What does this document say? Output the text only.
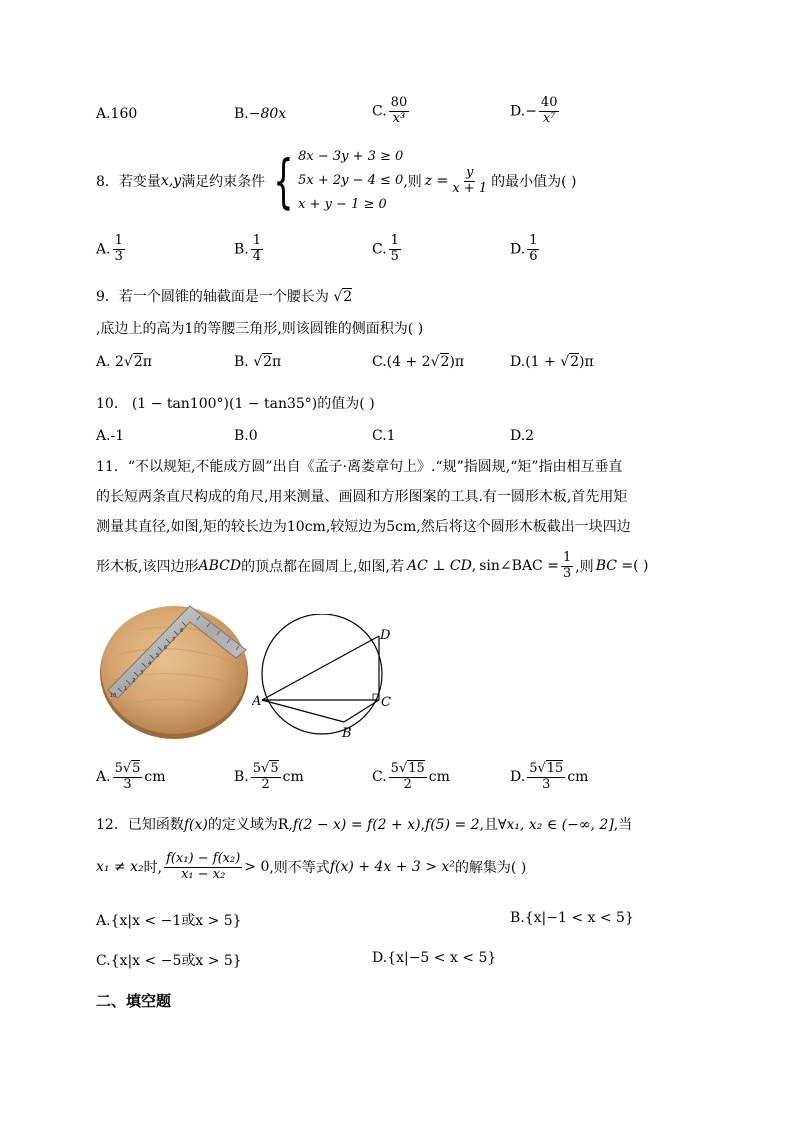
A.160	B.−80x	C. $\frac{80}{\text{x³}}$	$D.- \frac{40}{\text{x⁷}}$
8．若变量 x,y 满足约束条件 { 8x − 3y + 3 ≥ 0
5x + 2y − 4 ≤ 0
x + y − 1 ≥ 0
,则 $z = \frac{y}{x + 1}$ 的最小值为( )
A. $\frac{1}{3}$	B. $\frac{1}{4}$	C. $\frac{1}{5}$	D. $\frac{1}{6}$
9．若一个圆锥的轴截面是一个腰长为 √2
,底边上的高为1的等腰三角形,则该圆锥的侧面积为( )
A. 2√2π	B. √2π	C.(4 + 2√2)π	D.(1 + √2)π
10． (1 − tan100°)(1 − tan35°)的值为( )
A.-1	B.0	C.1	D.2
11．“不以规矩,不能成方圆”出自《孟子·离娄章句上》.“规”指圆规,“矩”指由相互垂直
的长短两条直尺构成的角尺,用来测量、画圆和方形图案的工具.有一圆形木板,首先用矩
测量其直径,如图,矩的较长边为10cm,较短边为5cm,然后将这个圆形木板截出一块四边
形木板,该四边形 ABCD 的顶点都在圆周上,如图,若 AC ⊥ CD , sin∠BAC = $\frac{1}{3}$ ,则 BC = ( )
1
2
3
4
5
6
7
8
10	A
B
C
D
A. $\frac{5√5}{3}$ cm	B. $\frac{5√5}{2}$ cm	C. $\frac{5√15}{2}$ cm	D. $\frac{5√15}{3}$ cm
12．已知函数f(x)的定义域为R,f(2 − x) = f(2 + x),f(5) = 2,且∀x₁, x₂ ∈ (−∞, 2],当
x₁ ≠ x₂ 时, $\frac{\text{f(x₁) − f(x₂)}}{\text{x₁ − x₂}} > 0$ ,则不等式 f(x) + 4x + 3 > x² 的解集为( )
A.{x|x < −1或x > 5}	B.{x|−1 < x < 5}
C.{x|x < −5或x > 5}	D.{x|−5 < x < 5}
二、填空题
